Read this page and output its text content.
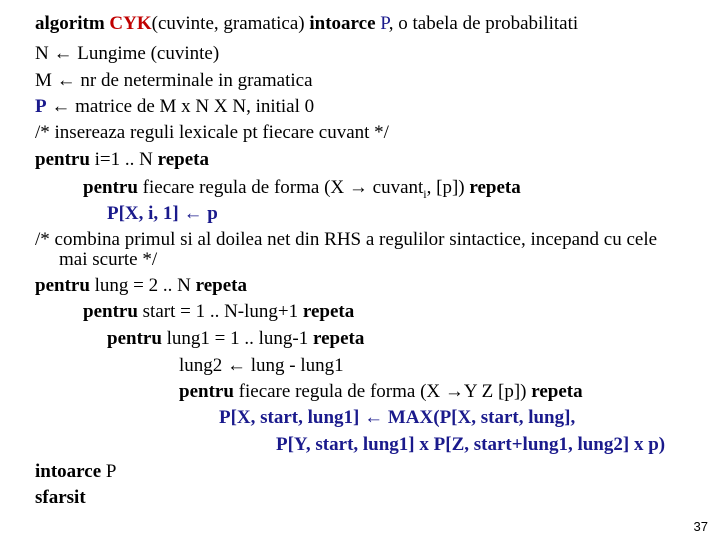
algoritm CYK(cuvinte, gramatica) intoarce P, o tabela de probabilitati
N ← Lungime (cuvinte)
M ← nr de neterminale in gramatica
P ← matrice de M x N X N, initial 0
/* insereaza reguli lexicale pt fiecare cuvant */
pentru i=1 .. N repeta
pentru fiecare regula de forma (X → cuvant$_i$, [p]) repeta
P[X, i, 1] ← p
/* combina primul si al doilea net din RHS a regulilor sintactice, incepand cu cele
mai scurte */
pentru lung = 2 .. N repeta
pentru start = 1 .. N-lung+1 repeta
pentru lung1 = 1 .. lung-1 repeta
lung2 ← lung - lung1
pentru fiecare regula de forma (X →Y Z [p]) repeta
P[X, start, lung1] ← MAX(P[X, start, lung],
P[Y, start, lung1] x P[Z, start+lung1, lung2] x p)
intoarce P
sfarsit
37
